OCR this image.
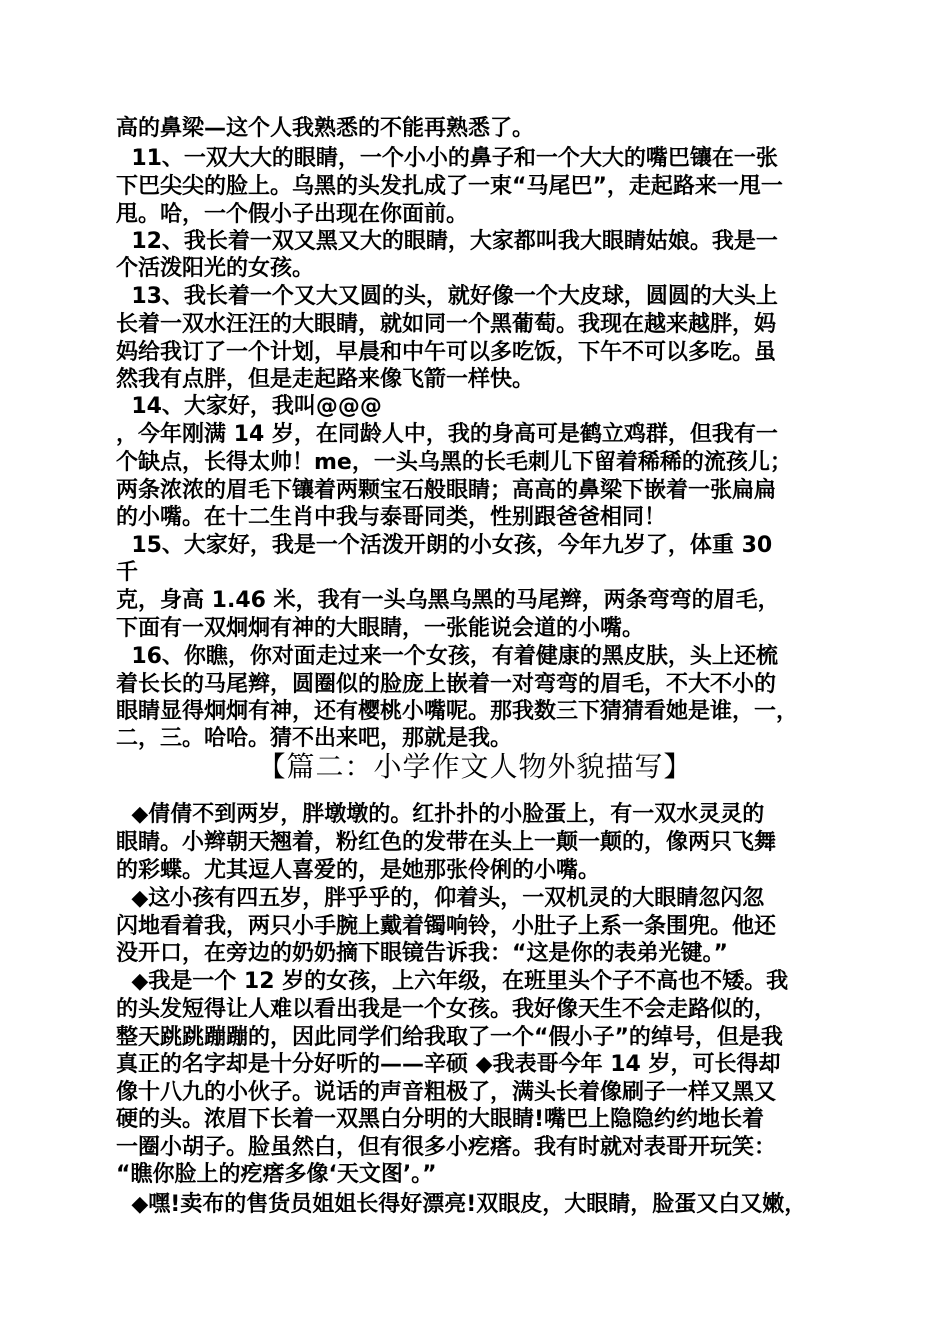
高的鼻梁—这个人我熟悉的不能再熟悉了。
11、一双大大的眼睛，一个小小的鼻子和一个大大的嘴巴镶在一张
下巴尖尖的脸上。乌黑的头发扎成了一束“马尾巴”，走起路来一甩一
甩。哈，一个假小子出现在你面前。
12、我长着一双又黑又大的眼睛，大家都叫我大眼睛姑娘。我是一
个活泼阳光的女孩。
13、我长着一个又大又圆的头，就好像一个大皮球，圆圆的大头上
长着一双水汪汪的大眼睛，就如同一个黑葡萄。我现在越来越胖，妈
妈给我订了一个计划，早晨和中午可以多吃饭，下午不可以多吃。虽
然我有点胖，但是走起路来像飞箭一样快。
14、大家好，我叫@@@
，今年刚满 14 岁，在同龄人中，我的身高可是鹤立鸡群，但我有一
个缺点，长得太帅！me，一头乌黑的长毛刺儿下留着稀稀的流孩儿；
两条浓浓的眉毛下镶着两颗宝石般眼睛；高高的鼻梁下嵌着一张扁扁
的小嘴。在十二生肖中我与泰哥同类，性别跟爸爸相同！
15、大家好，我是一个活泼开朗的小女孩，今年九岁了，体重 30
千
克，身高 1.46 米，我有一头乌黑乌黑的马尾辫，两条弯弯的眉毛，
下面有一双炯炯有神的大眼睛，一张能说会道的小嘴。
16、你瞧，你对面走过来一个女孩，有着健康的黑皮肤，头上还梳
着长长的马尾辫，圆圈似的脸庞上嵌着一对弯弯的眉毛，不大不小的
眼睛显得炯炯有神，还有樱桃小嘴呢。那我数三下猜猜看她是谁，一，
二，三。哈哈。猜不出来吧，那就是我。
【篇二：小学作文人物外貌描写】
◆倩倩不到两岁，胖墩墩的。红扑扑的小脸蛋上，有一双水灵灵的
眼睛。小辫朝天翘着，粉红色的发带在头上一颠一颠的，像两只飞舞
的彩蝶。尤其逗人喜爱的，是她那张伶俐的小嘴。
◆这小孩有四五岁，胖乎乎的，仰着头，一双机灵的大眼睛忽闪忽
闪地看着我，两只小手腕上戴着镯响铃，小肚子上系一条围兜。他还
没开口，在旁边的奶奶摘下眼镜告诉我：“这是你的表弟光键。”
◆我是一个 12 岁的女孩，上六年级，在班里头个子不高也不矮。我
的头发短得让人难以看出我是一个女孩。我好像天生不会走路似的，
整天跳跳蹦蹦的，因此同学们给我取了一个“假小子”的绰号，但是我
真正的名字却是十分好听的——辛硕 ◆我表哥今年 14 岁，可长得却
像十八九的小伙子。说话的声音粗极了，满头长着像刷子一样又黑又
硬的头。浓眉下长着一双黑白分明的大眼睛!嘴巴上隐隐约约地长着
一圈小胡子。脸虽然白，但有很多小疙瘩。我有时就对表哥开玩笑：
“瞧你脸上的疙瘩多像‘天文图’。”
◆嘿!卖布的售货员姐姐长得好漂亮!双眼皮，大眼睛，脸蛋又白又嫩，
